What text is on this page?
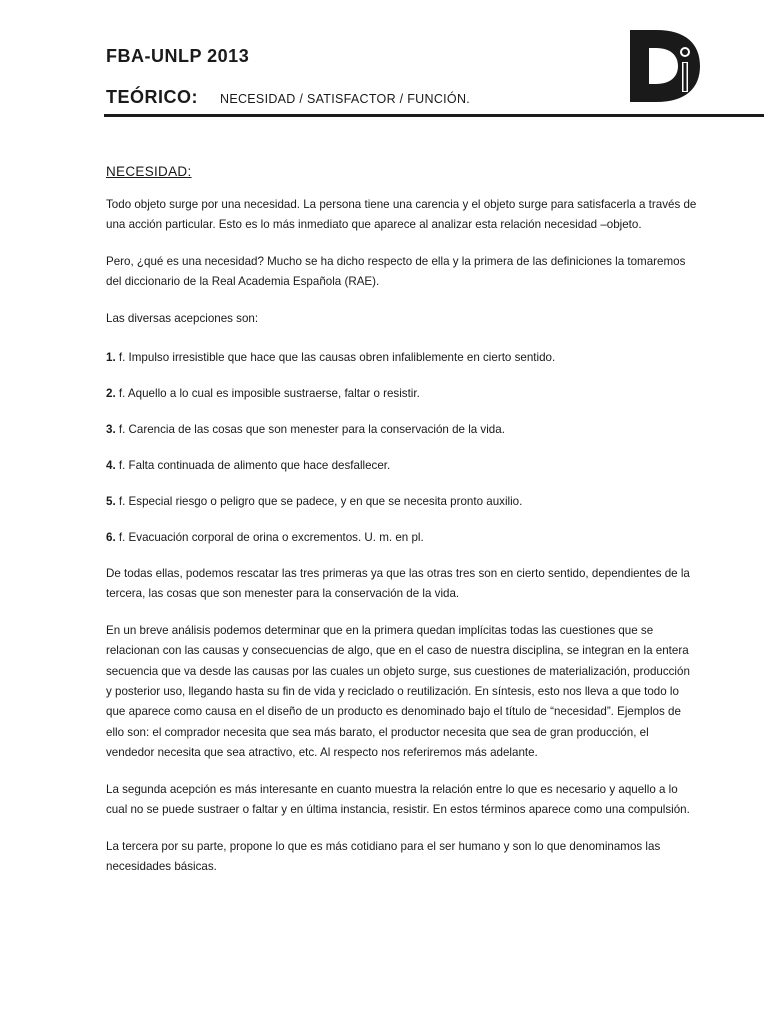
FBA-UNLP 2013
TEÓRICO: NECESIDAD / SATISFACTOR / FUNCIÓN.
NECESIDAD:

Todo objeto surge por una necesidad. La persona tiene una carencia y el objeto surge para satisfacerla a través de una acción particular. Esto es lo más inmediato que aparece al analizar esta relación necesidad –objeto.

Pero, ¿qué es una necesidad? Mucho se ha dicho respecto de ella y la primera de las definiciones la tomaremos del diccionario de la Real Academia Española (RAE).

Las diversas acepciones son:

1. f. Impulso irresistible que hace que las causas obren infaliblemente en cierto sentido.

2. f. Aquello a lo cual es imposible sustraerse, faltar o resistir.

3. f. Carencia de las cosas que son menester para la conservación de la vida.

4. f. Falta continuada de alimento que hace desfallecer.

5. f. Especial riesgo o peligro que se padece, y en que se necesita pronto auxilio.

6. f. Evacuación corporal de orina o excrementos. U. m. en pl.

De todas ellas, podemos rescatar las tres primeras ya que las otras tres son en cierto sentido, dependientes de la tercera, las cosas que son menester para la conservación de la vida.

En un breve análisis podemos determinar que en la primera quedan implícitas todas las cuestiones que se relacionan con las causas y consecuencias de algo, que en el caso de nuestra disciplina, se integran en la entera secuencia que va desde las causas por las cuales un objeto surge, sus cuestiones de materialización, producción y posterior uso, llegando hasta su fin de vida y reciclado o reutilización. En síntesis, esto nos lleva a que todo lo que aparece como causa en el diseño de un producto es denominado bajo el título de “necesidad”. Ejemplos de ello son: el comprador necesita que sea más barato, el productor necesita que sea de gran producción, el vendedor necesita que sea atractivo, etc. Al respecto nos referiremos más adelante.

La segunda acepción es más interesante en cuanto muestra la relación entre lo que es necesario y aquello a lo cual no se puede sustraer o faltar y en última instancia, resistir. En estos términos aparece como una compulsión.

La tercera por su parte, propone lo que es más cotidiano para el ser humano y son lo que denominamos las necesidades básicas.
